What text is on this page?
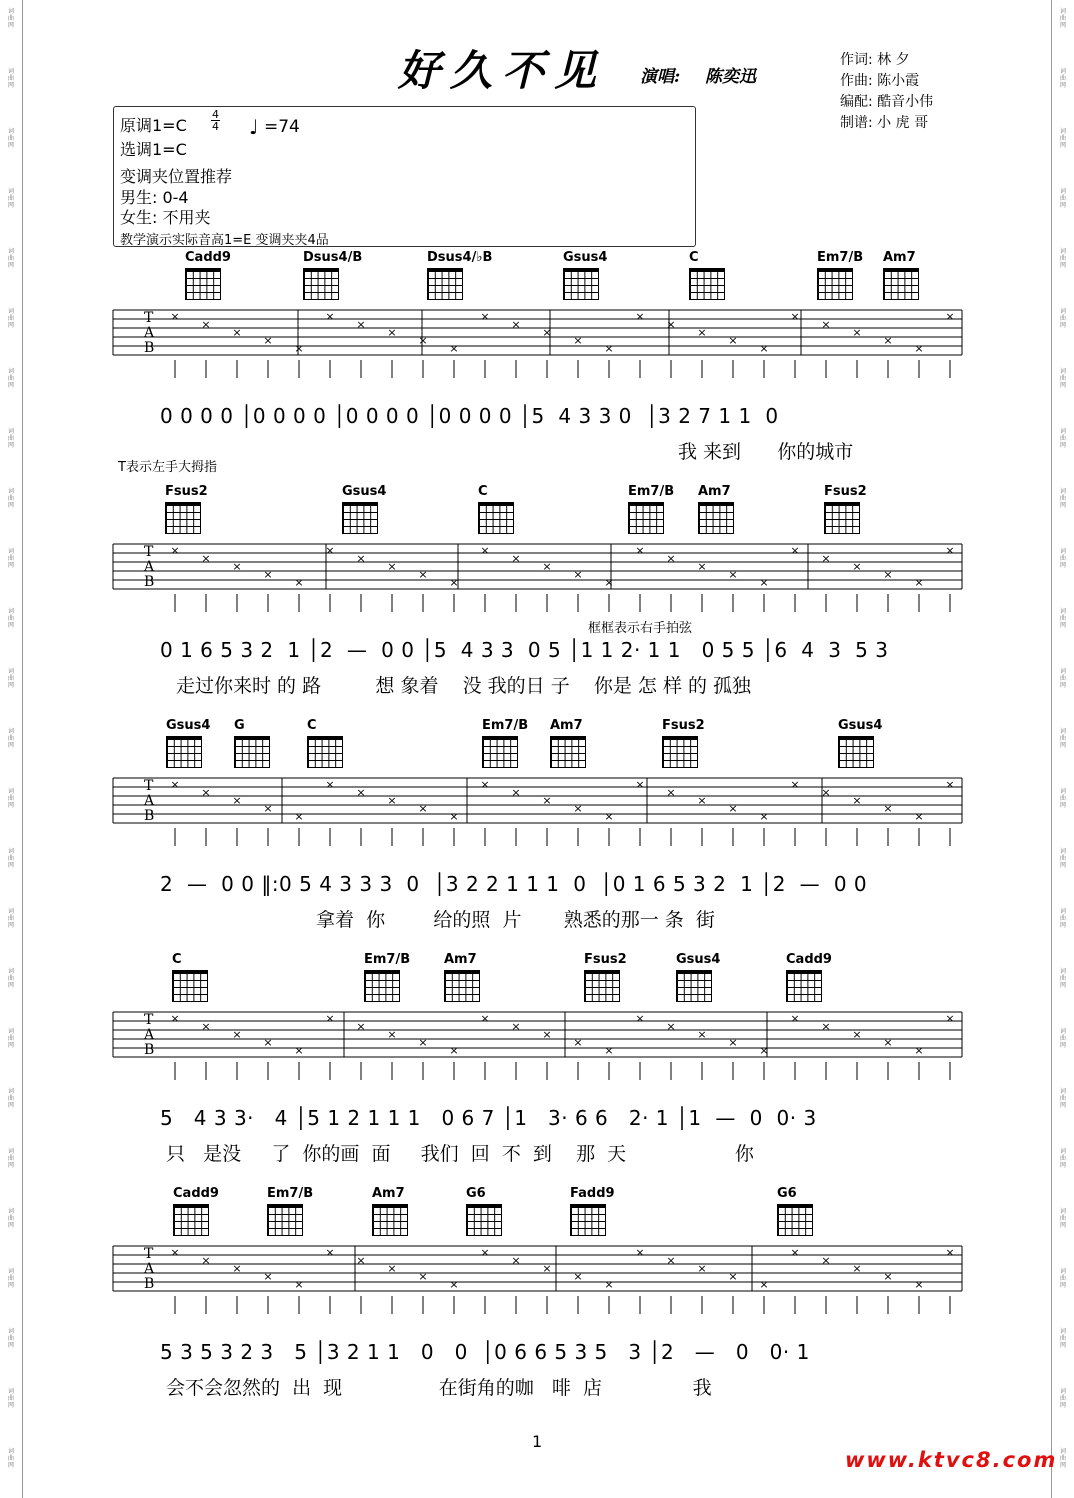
词曲网
词曲网
词曲网
词曲网
词曲网
词曲网
词曲网
词曲网
词曲网
词曲网
词曲网
词曲网
词曲网
词曲网
词曲网
词曲网
词曲网
词曲网
词曲网
词曲网
词曲网
词曲网
词曲网
词曲网
词曲网
词曲网
词曲网
词曲网
词曲网
词曲网
词曲网
词曲网
词曲网
词曲网
词曲网
词曲网
词曲网
词曲网
词曲网
词曲网
词曲网
词曲网
词曲网
词曲网
词曲网
词曲网
词曲网
词曲网
词曲网
词曲网
好久不见 演唱: 陈奕迅
作词: 林 夕
作曲: 陈小霞
编配: 酷音小伟
制谱: 小 虎 哥
原调1=C
4
4 ♩ =74
选调1=C
变调夹位置推荐
男生: 0-4
女生: 不用夹
教学演示实际音高1=E 变调夹夹4品
Cadd9	Dsus4/B	Dsus4/♭B	Gsus4	C	Em7/B Am7
T
A
B
×
×
×
×
×
×
×
×
×
×
×
×
×
×
×
×
×
×
×
×
×
×
×
×
×
×
0 0 0 0 │0 0 0 0 │0 0 0 0 │0 0 0 0 │5  4 3 3 0  │3 2 7 1 1  0
我 来到      你的城市
T表示左手大拇指
Fsus2	Gsus4	C	Em7/B Am7	Fsus2
T
A
B
×
×
×
×
×
×
×
×
×
×
×
×
×
×
×
×
×
×
×
×
×
×
×
×
×
×
0 1 6 5 3 2  1 │2  —  0 0 │5  4 3 3  0 5 │1 1 2· 1 1   0 5 5 │6  4  3  5 3
走过你来时 的 路         想 象着    没 我的日 子    你是 怎 样 的 孤独
框框表示右手拍弦
Gsus4 G	C	Em7/B Am7	Fsus2	Gsus4
T
A
B
×
×
×
×
×
×
×
×
×
×
×
×
×
×
×
×
×
×
×
×
×
×
×
×
×
×
2  —  0 0 ‖:0 5 4 3 3 3  0  │3 2 2 1 1 1  0  │0 1 6 5 3 2  1 │2  —  0 0
拿着  你        给的照  片       熟悉的那一 条  街
C	Em7/B	Am7	Fsus2	Gsus4	Cadd9
T
A
B
×
×
×
×
×
×
×
×
×
×
×
×
×
×
×
×
×
×
×
×
×
×
×
×
×
×
5   4 3 3·   4 │5 1 2 1 1 1   0 6 7 │1   3· 6 6   2· 1 │1  —  0  0· 3
只   是没     了  你的画  面     我们  回  不  到    那  天                  你
Cadd9	Em7/B	Am7	G6	Fadd9	G6
T
A
B
×
×
×
×
×
×
×
×
×
×
×
×
×
×
×
×
×
×
×
×
×
×
×
×
×
×
5 3 5 3 2 3   5 │3 2 1 1   0   0  │0 6 6 5 3 5   3 │2   —   0   0· 1
会不会忽然的  出  现                在街角的咖   啡  店               我
1
www.ktvc8.com
